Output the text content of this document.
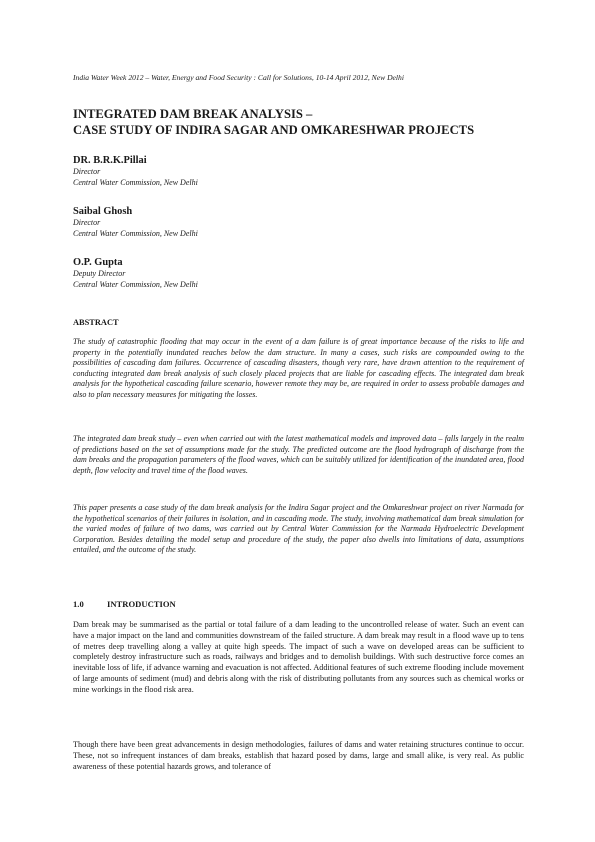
India Water Week 2012 – Water, Energy and Food Security : Call for Solutions, 10-14 April 2012, New Delhi
INTEGRATED DAM BREAK ANALYSIS –
CASE STUDY OF INDIRA SAGAR AND OMKARESHWAR PROJECTS
DR. B.R.K.Pillai
Director
Central Water Commission, New Delhi
Saibal Ghosh
Director
Central Water Commission, New Delhi
O.P. Gupta
Deputy Director
Central Water Commission, New Delhi
ABSTRACT
The study of catastrophic flooding that may occur in the event of a dam failure is of great importance because of the risks to life and property in the potentially inundated reaches below the dam structure. In many a cases, such risks are compounded owing to the possibilities of cascading dam failures. Occurrence of cascading disasters, though very rare, have drawn attention to the requirement of conducting integrated dam break analysis of such closely placed projects that are liable for cascading effects. The integrated dam break analysis for the hypothetical cascading failure scenario, however remote they may be, are required in order to assess probable damages and also to plan necessary measures for mitigating the losses.
The integrated dam break study – even when carried out with the latest mathematical models and improved data – falls largely in the realm of predictions based on the set of assumptions made for the study. The predicted outcome are the flood hydrograph of discharge from the dam breaks and the propagation parameters of the flood waves, which can be suitably utilized for identification of the inundated area, flood depth, flow velocity and travel time of the flood waves.
This paper presents a case study of the dam break analysis for the Indira Sagar project and the Omkareshwar project on river Narmada for the hypothetical scenarios of their failures in isolation, and in cascading mode. The study, involving mathematical dam break simulation for the varied modes of failure of two dams, was carried out by Central Water Commission for the Narmada Hydroelectric Development Corporation. Besides detailing the model setup and procedure of the study, the paper also dwells into limitations of data, assumptions entailed, and the outcome of the study.
1.0	INTRODUCTION
Dam break may be summarised as the partial or total failure of a dam leading to the uncontrolled release of water. Such an event can have a major impact on the land and communities downstream of the failed structure. A dam break may result in a flood wave up to tens of metres deep travelling along a valley at quite high speeds. The impact of such a wave on developed areas can be sufficient to completely destroy infrastructure such as roads, railways and bridges and to demolish buildings. With such destructive force comes an inevitable loss of life, if advance warning and evacuation is not affected. Additional features of such extreme flooding include movement of large amounts of sediment (mud) and debris along with the risk of distributing pollutants from any sources such as chemical works or mine workings in the flood risk area.
Though there have been great advancements in design methodologies, failures of dams and water retaining structures continue to occur. These, not so infrequent instances of dam breaks, establish that hazard posed by dams, large and small alike, is very real. As public awareness of these potential hazards grows, and tolerance of
